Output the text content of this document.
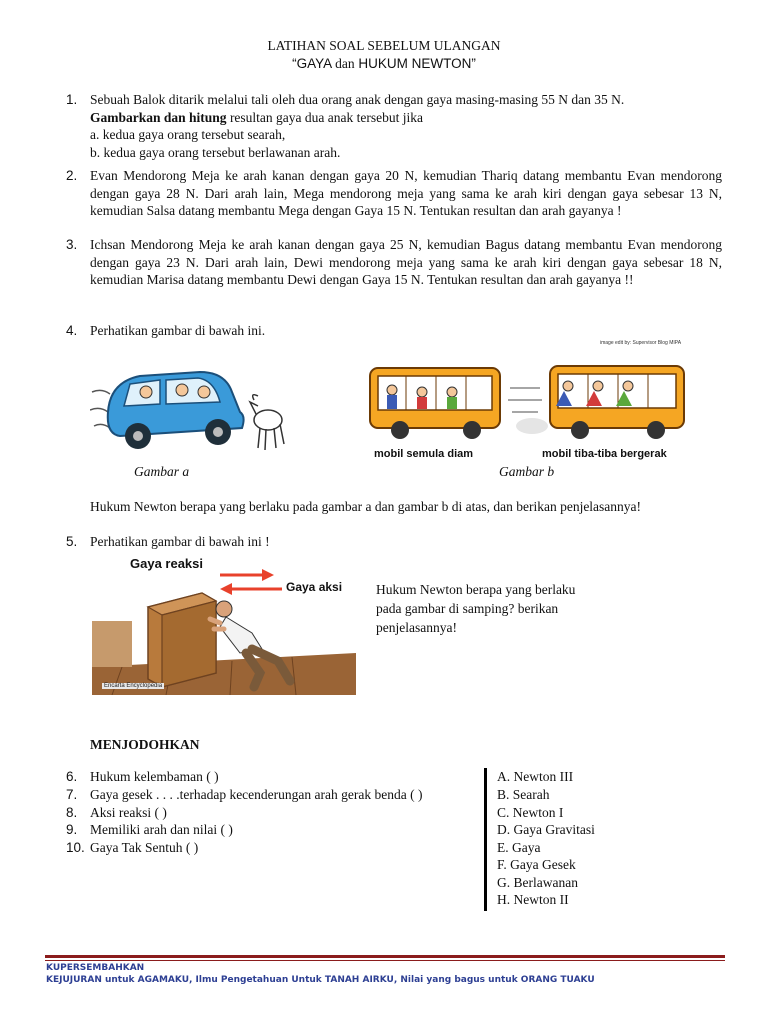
LATIHAN SOAL SEBELUM ULANGAN
“GAYA dan HUKUM NEWTON”
1. Sebuah Balok ditarik melalui tali oleh dua orang anak dengan gaya masing-masing 55 N dan 35 N.
Gambarkan dan hitung resultan gaya dua anak tersebut jika
a. kedua gaya orang tersebut searah,
b. kedua gaya orang tersebut berlawanan arah.
2. Evan Mendorong Meja ke arah kanan dengan gaya 20 N, kemudian Thariq datang membantu Evan mendorong dengan gaya 28 N. Dari arah lain, Mega mendorong meja yang sama ke arah kiri dengan gaya sebesar 13 N, kemudian Salsa datang membantu Mega dengan Gaya 15 N. Tentukan resultan dan arah gayanya !
3. Ichsan Mendorong Meja ke arah kanan dengan gaya 25 N, kemudian Bagus datang membantu Evan mendorong dengan gaya 23 N. Dari arah lain, Dewi mendorong meja yang sama ke arah kiri dengan gaya sebesar 18 N, kemudian Marisa datang membantu Dewi dengan Gaya 15 N. Tentukan resultan dan arah gayanya !!
4. Perhatikan gambar di bawah ini.
image edit by: Supervisor Blog MIPA
mobil semula diam	mobil tiba-tiba bergerak
Gambar a	Gambar b
Hukum Newton berapa yang berlaku pada gambar a dan gambar b di atas, dan berikan penjelasannya!
5. Perhatikan gambar di bawah ini !
Gaya reaksi
Gaya aksi
Encarta Encyclopedia
Hukum Newton berapa yang berlaku
pada gambar di samping? berikan
penjelasannya!
MENJODOHKAN
6. Hukum kelembaman ( )
7. Gaya gesek . . . .terhadap kecenderungan arah gerak benda ( )
8. Aksi reaksi ( )
9. Memiliki arah dan nilai ( )
10. Gaya Tak Sentuh ( )
A. Newton III
B. Searah
C. Newton I
D. Gaya Gravitasi
E. Gaya
F. Gaya Gesek
G. Berlawanan
H. Newton II
KUPERSEMBAHKAN
KEJUJURAN untuk AGAMAKU, Ilmu Pengetahuan Untuk TANAH AIRKU, Nilai yang bagus untuk ORANG TUAKU
